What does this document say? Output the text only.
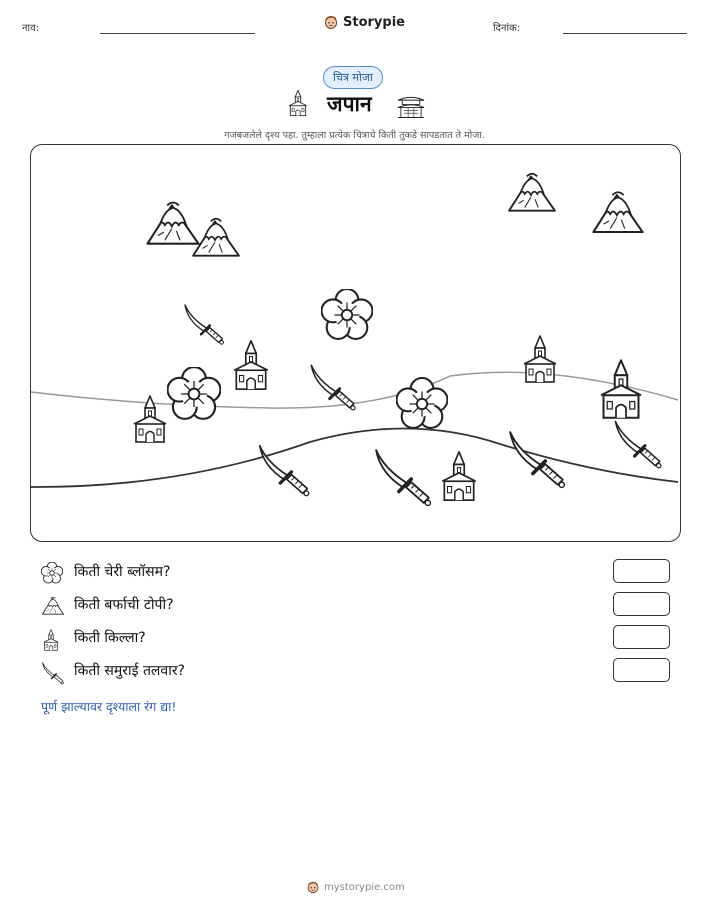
नाव:	Storypie	दिनांक:
चित्र मोजा
जपान
गजबजलेले दृश्य पहा. तुम्हाला प्रत्येक चित्राचे किती तुकडे सापडतात ते मोजा.
किती चेरी ब्लॉसम?
किती बर्फाची टोपी?
किती किल्ला?
किती समुराई तलवार?
पूर्ण झाल्यावर दृश्याला रंग द्या!
mystorypie.com
